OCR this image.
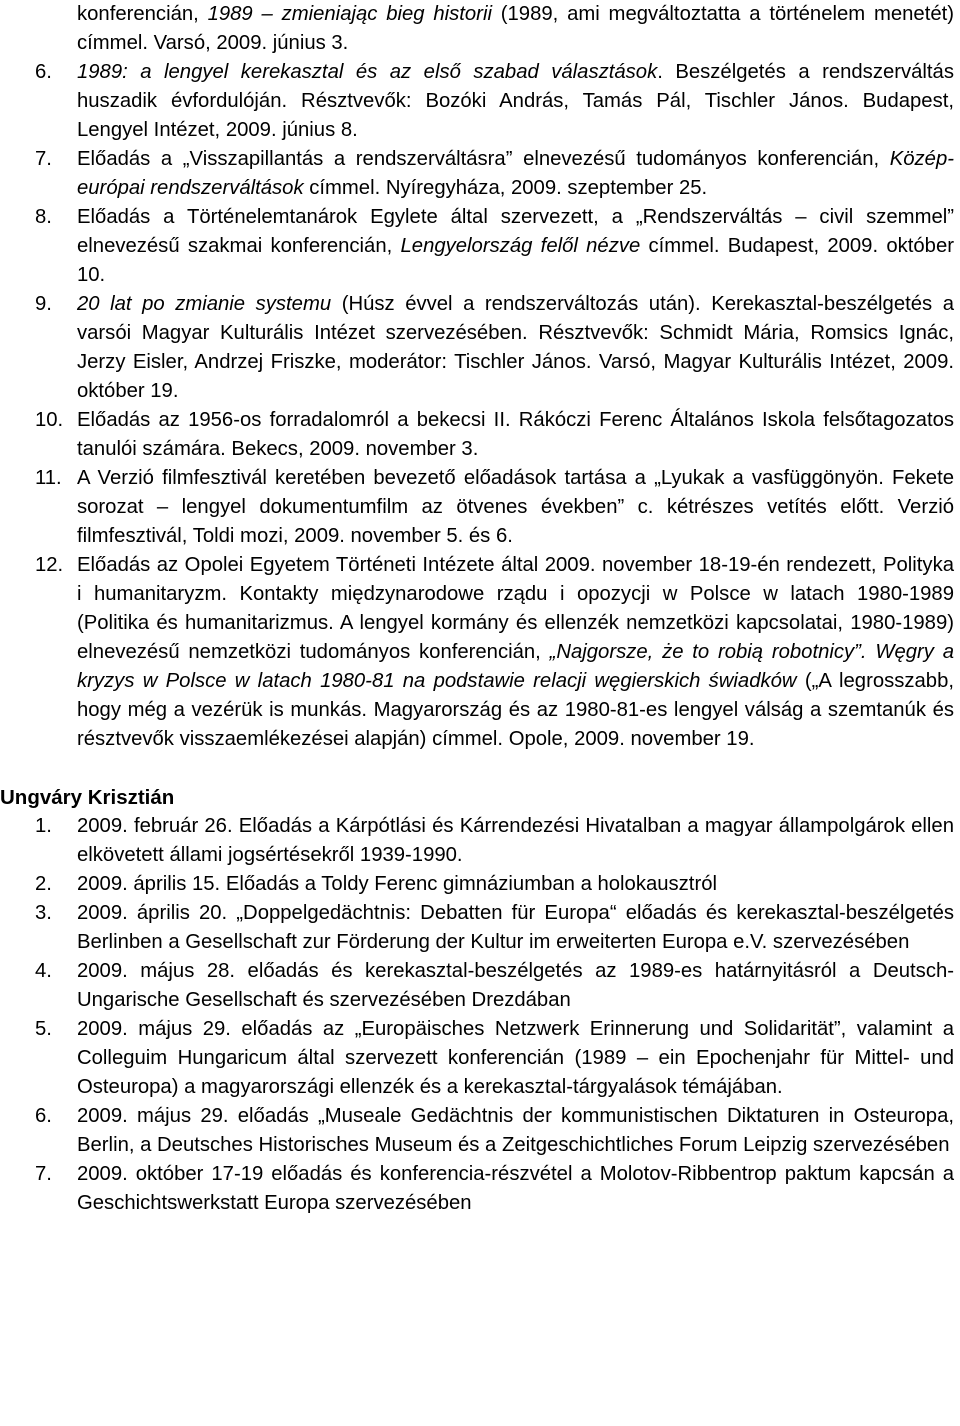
konferencián, 1989 – zmieniając bieg historii (1989, ami megváltoztatta a történelem menetét) címmel. Varsó, 2009. június 3.
6. 1989: a lengyel kerekasztal és az első szabad választások. Beszélgetés a rendszerváltás huszadik évfordulóján. Résztvevők: Bozóki András, Tamás Pál, Tischler János. Budapest, Lengyel Intézet, 2009. június 8.
7. Előadás a „Visszapillantás a rendszerváltásra” elnevezésű tudományos konferencián, Közép-európai rendszerváltások címmel. Nyíregyháza, 2009. szeptember 25.
8. Előadás a Történelemtanárok Egylete által szervezett, a „Rendszerváltás – civil szemmel” elnevezésű szakmai konferencián, Lengyelország felől nézve címmel. Budapest, 2009. október 10.
9. 20 lat po zmianie systemu (Húsz évvel a rendszerváltozás után). Kerekasztal-beszélgetés a varsói Magyar Kulturális Intézet szervezésében. Résztvevők: Schmidt Mária, Romsics Ignác, Jerzy Eisler, Andrzej Friszke, moderátor: Tischler János. Varsó, Magyar Kulturális Intézet, 2009. október 19.
10. Előadás az 1956-os forradalomról a bekecsi II. Rákóczi Ferenc Általános Iskola felsőtagozatos tanulói számára. Bekecs, 2009. november 3.
11. A Verzió filmfesztivál keretében bevezető előadások tartása a „Lyukak a vasfüggönyön. Fekete sorozat – lengyel dokumentumfilm az ötvenes években” c. kétrészes vetítés előtt. Verzió filmfesztivál, Toldi mozi, 2009. november 5. és 6.
12. Előadás az Opolei Egyetem Történeti Intézete által 2009. november 18-19-én rendezett, Polityka i humanitaryzm. Kontakty międzynarodowe rządu i opozycji w Polsce w latach 1980-1989 (Politika és humanitarizmus. A lengyel kormány és ellenzék nemzetközi kapcsolatai, 1980-1989) elnevezésű nemzetközi tudományos konferencián, „Najgorsze, że to robią robotnicy”. Węgry a kryzys w Polsce w latach 1980-81 na podstawie relacji węgierskich świadków („A legrosszabb, hogy még a vezérük is munkás. Magyarország és az 1980-81-es lengyel válság a szemtanúk és résztvevők visszaemlékezései alapján) címmel. Opole, 2009. november 19.
Ungváry Krisztián
1. 2009. február 26. Előadás a Kárpótlási és Kárrendezési Hivatalban a magyar állampolgárok ellen elkövetett állami jogsértésekről 1939-1990.
2. 2009. április 15. Előadás a Toldy Ferenc gimnáziumban a holokausztról
3. 2009. április 20. „Doppelgedächtnis: Debatten für Europa“ előadás és kerekasztal-beszélgetés Berlinben a Gesellschaft zur Förderung der Kultur im erweiterten Europa e.V. szervezésében
4. 2009. május 28. előadás és kerekasztal-beszélgetés az 1989-es határnyitásról a Deutsch-Ungarische Gesellschaft és szervezésében Drezdában
5. 2009. május 29. előadás az „Europäisches Netzwerk Erinnerung und Solidarität”, valamint a Colleguim Hungaricum által szervezett konferencián (1989 – ein Epochenjahr für Mittel- und Osteuropa) a magyarországi ellenzék és a kerekasztal-tárgyalások témájában.
6. 2009. május 29. előadás „Museale Gedächtnis der kommunistischen Diktaturen in Osteuropa, Berlin, a Deutsches Historisches Museum és a Zeitgeschichtliches Forum Leipzig szervezésében
7. 2009. október 17-19 előadás és konferencia-részvétel a Molotov-Ribbentrop paktum kapcsán a Geschichtswerkstatt Europa szervezésében
